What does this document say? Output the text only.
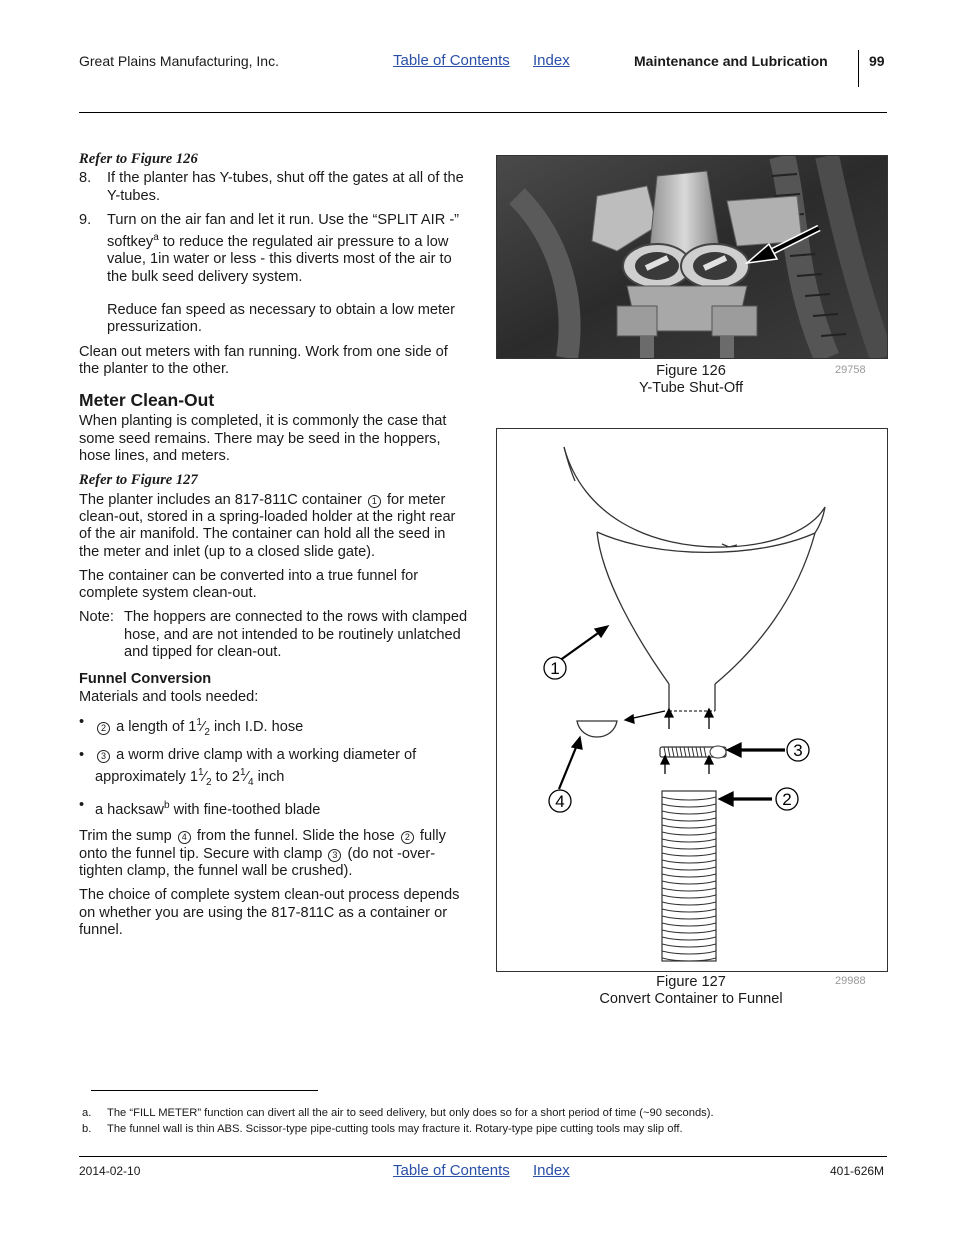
Great Plains Manufacturing, Inc.	Table of Contents Index	Maintenance and Lubrication	99
Refer to Figure 126
8.	If the planter has Y-tubes, shut off the gates at all of the Y-tubes.
9.	Turn on the air fan and let it run. Use the “SPLIT AIR -” softkey$^a$ to reduce the regulated air pressure to a low value, 1in water or less - this diverts most of the air to the bulk seed delivery system.
Reduce fan speed as necessary to obtain a low meter pressurization.

Clean out meters with fan running. Work from one side of the planter to the other.

Meter Clean-Out

When planting is completed, it is commonly the case that some seed remains. There may be seed in the hoppers, hose lines, and meters.

Refer to Figure 127

The planter includes an 817-811C container 1 for meter clean-out, stored in a spring-loaded holder at the right rear of the air manifold. The container can hold all the seed in the meter and inlet (up to a closed slide gate).

The container can be converted into a true funnel for complete system clean-out.

Note: The hoppers are connected to the rows with clamped hose, and are not intended to be routinely unlatched and tipped for clean-out.
Funnel Conversion

Materials and tools needed:

•	2 a length of $1^1⁄_2$ inch I.D. hose
•	3 a worm drive clamp with a working diameter of approximately $1^1⁄_2$ to $2^1⁄_4$ inch
• a hacksaw$^b$ with fine-toothed blade

Trim the sump 4 from the funnel. Slide the hose 2 fully onto the funnel tip. Secure with clamp 3 (do not -over-tighten clamp, the funnel wall be crushed).

The choice of complete system clean-out process depends on whether you are using the 817-811C as a container or funnel.

Figure 126
Y-Tube Shut-Off
29758
1
3
4	2
Figure 127
Convert Container to Funnel
29988
a. The “FILL METER” function can divert all the air to seed delivery, but only does so for a short period of time (~90 seconds).
b. The funnel wall is thin ABS. Scissor-type pipe-cutting tools may fracture it. Rotary-type pipe cutting tools may slip off.
2014-02-10	Table of Contents Index	401-626M
